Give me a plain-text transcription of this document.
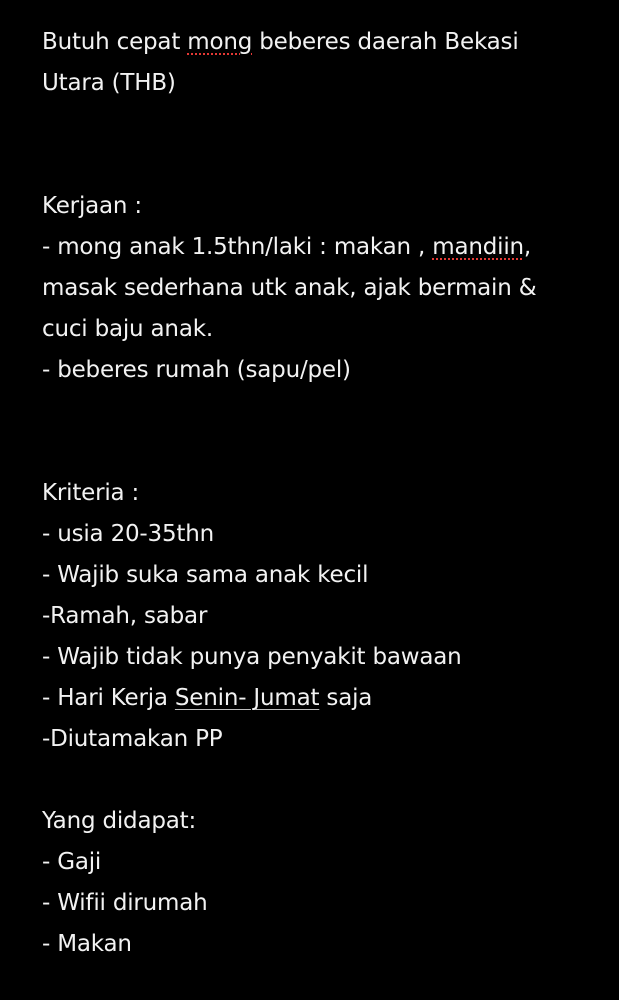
Butuh cepat mong beberes daerah Bekasi
Utara (THB)
Kerjaan :
- mong anak 1.5thn/laki : makan , mandiin,
masak sederhana utk anak, ajak bermain &
cuci baju anak.
- beberes rumah (sapu/pel)
Kriteria :
- usia 20-35thn
- Wajib suka sama anak kecil
-Ramah, sabar
- Wajib tidak punya penyakit bawaan
- Hari Kerja Senin- Jumat saja
-Diutamakan PP
Yang didapat:
- Gaji
- Wifii dirumah
- Makan
